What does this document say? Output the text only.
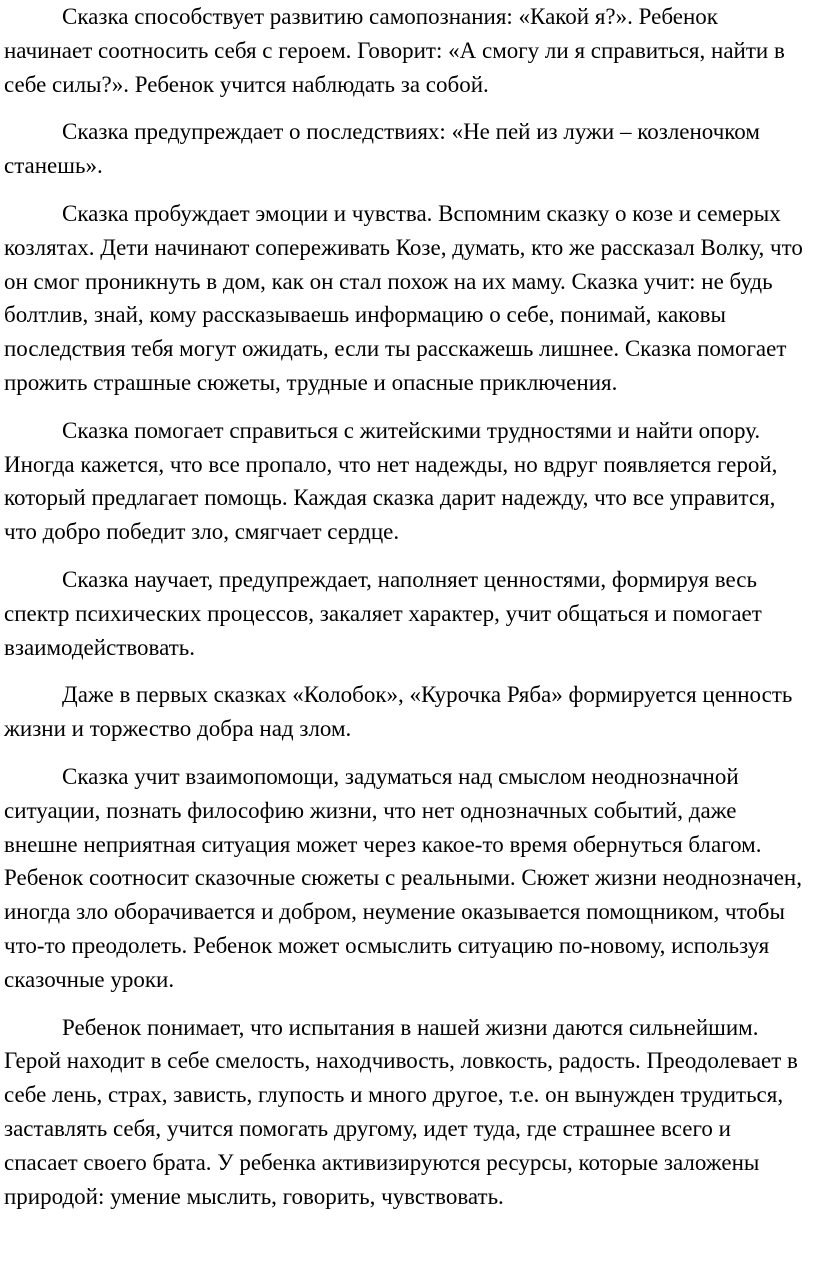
Сказка способствует развитию самопознания: «Какой я?». Ребенок начинает соотносить себя с героем. Говорит: «А смогу ли я справиться, найти в себе силы?». Ребенок учится наблюдать за собой.

Сказка предупреждает о последствиях: «Не пей из лужи – козленочком станешь».

Сказка пробуждает эмоции и чувства. Вспомним сказку о козе и семерых козлятах. Дети начинают сопереживать Козе, думать, кто же рассказал Волку, что он смог проникнуть в дом, как он стал похож на их маму. Сказка учит: не будь болтлив, знай, кому рассказываешь информацию о себе, понимай, каковы последствия тебя могут ожидать, если ты расскажешь лишнее. Сказка помогает прожить страшные сюжеты, трудные и опасные приключения.

Сказка помогает справиться с житейскими трудностями и найти опору. Иногда кажется, что все пропало, что нет надежды, но вдруг появляется герой, который предлагает помощь. Каждая сказка дарит надежду, что все управится, что добро победит зло, смягчает сердце.

Сказка научает, предупреждает, наполняет ценностями, формируя весь спектр психических процессов, закаляет характер, учит общаться и помогает взаимодействовать.

Даже в первых сказках «Колобок», «Курочка Ряба» формируется ценность жизни и торжество добра над злом.

Сказка учит взаимопомощи, задуматься над смыслом неоднозначной ситуации, познать философию жизни, что нет однозначных событий, даже внешне неприятная ситуация может через какое-то время обернуться благом. Ребенок соотносит сказочные сюжеты с реальными. Сюжет жизни неоднозначен, иногда зло оборачивается и добром, неумение оказывается помощником, чтобы что-то преодолеть. Ребенок может осмыслить ситуацию по-новому, используя сказочные уроки.

Ребенок понимает, что испытания в нашей жизни даются сильнейшим. Герой находит в себе смелость, находчивость, ловкость, радость. Преодолевает в себе лень, страх, зависть, глупость и много другое, т.е. он вынужден трудиться, заставлять себя, учится помогать другому, идет туда, где страшнее всего и спасает своего брата. У ребенка активизируются ресурсы, которые заложены природой: умение мыслить, говорить, чувствовать.
